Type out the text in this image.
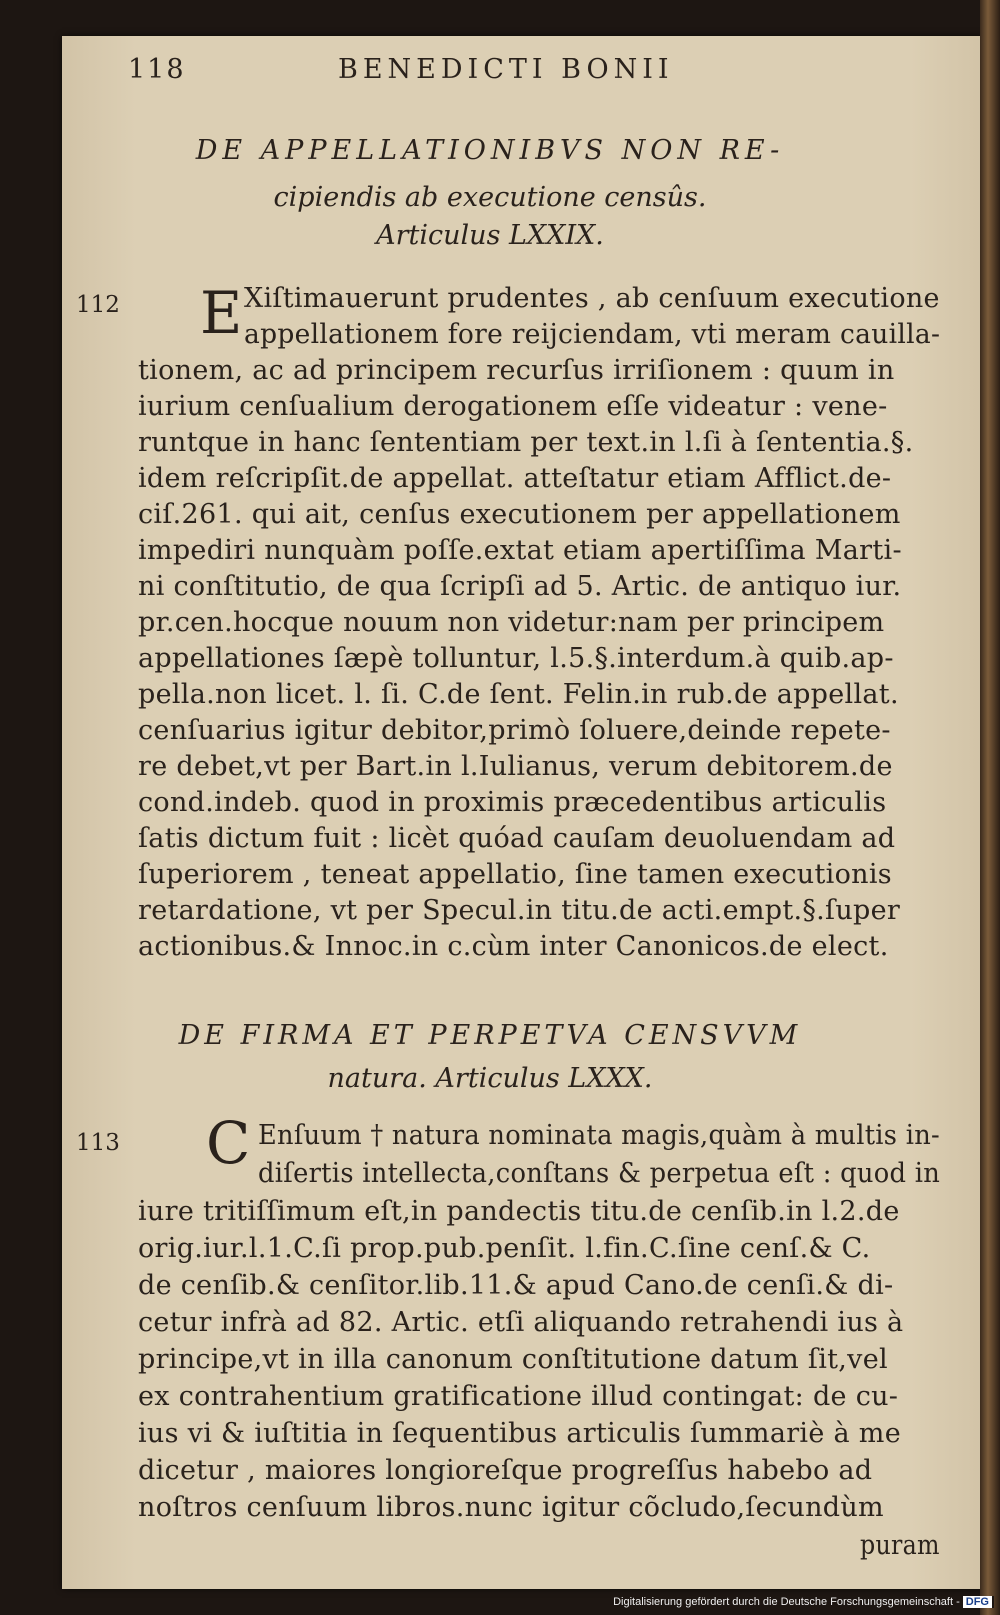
118	BENEDICTI BONII
DE APPELLATIONIBVS NON RE-
cipiendis ab executione censûs.
Articulus LXXIX.
112 E Xiſtimauerunt prudentes , ab cenſuum executione
appellationem fore reijciendam, vti meram cauilla-
tionem, ac ad principem recurſus irriſionem : quum in
iurium cenſualium derogationem eſſe videatur : vene-
runtque in hanc ſententiam per text.in l.ſi à ſententia.§.
idem reſcripſit.de appellat. atteſtatur etiam Afflict.de-
ciſ.261. qui ait, cenſus executionem per appellationem
impediri nunquàm poſſe.extat etiam apertiſſima Marti-
ni conſtitutio, de qua ſcripſi ad 5. Artic. de antiquo iur.
pr.cen.hocque nouum non videtur:nam per principem
appellationes ſæpè tolluntur, l.5.§.interdum.à quib.ap-
pella.non licet. l. ſi. C.de ſent. Felin.in rub.de appellat.
cenſuarius igitur debitor,primò ſoluere,deinde repete-
re debet,vt per Bart.in l.Iulianus, verum debitorem.de
cond.indeb. quod in proximis præcedentibus articulis
ſatis dictum fuit : licèt quóad cauſam deuoluendam ad
ſuperiorem , teneat appellatio, ſine tamen executionis
retardatione, vt per Specul.in titu.de acti.empt.§.ſuper
actionibus.& Innoc.in c.cùm inter Canonicos.de elect.
DE FIRMA ET PERPETVA CENSVVM
natura. Articulus LXXX.
113 C Enſuum † natura nominata magis,quàm à multis in-
diſertis intellecta,conſtans & perpetua eſt : quod in
iure tritiſſimum eſt,in pandectis titu.de cenſib.in l.2.de
orig.iur.l.1.C.ſi prop.pub.penſit. l.fin.C.ſine cenſ.& C.
de cenſib.& cenſitor.lib.11.& apud Cano.de cenſi.& di-
cetur infrà ad 82. Artic. etſi aliquando retrahendi ius à
principe,vt in illa canonum conſtitutione datum ſit,vel
ex contrahentium gratificatione illud contingat: de cu-
ius vi & iuſtitia in ſequentibus articulis ſummariè à me
dicetur , maiores longioreſque progreſſus habebo ad
noſtros cenſuum libros.nunc igitur cõcludo,ſecundùm
puram
Digitalisierung gefördert durch die Deutsche Forschungsgemeinschaft - DFG
